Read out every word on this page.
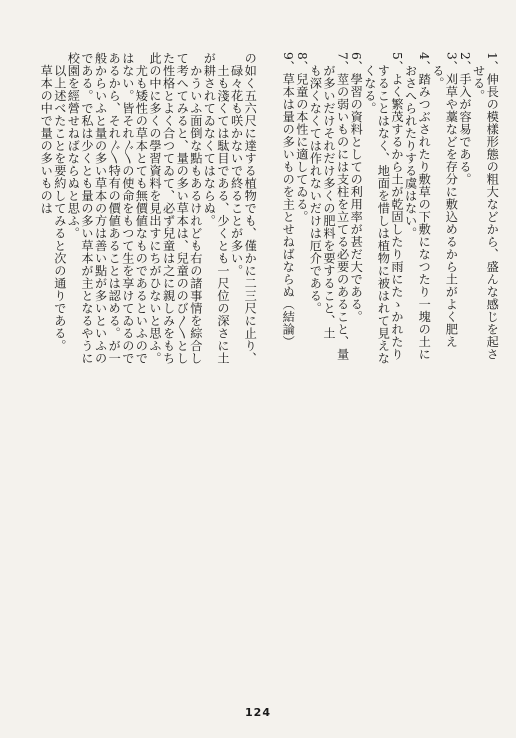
の如く五六尺に達する植物でも、僅かに二三尺に止り、
　碌々花も咲かないで終ることが多い。
　土も淺くては駄目である、少くとも一尺位の深さに土
が耕されてゐなくてはならぬ。
　かういふ面倒な點もあるけれども右の諸事情を綜合し
て考へてみると、量の多い草本は、兒童ののび〳〵とし
た性格とよく合つてゐて、必ず兒童は之に親しみをもち
此の中に多くの學習資料を見出すにちがひないと思ふ。
　尤も矮性の草本とても無價値なものであるといふので
はない。皆それ〴〵の使命をもつて生を享けてゐるので
あるから、それ〴〵特有の價値あることは認める。が一
般からいふと量の多い草本の方は善い點が多いといふの
である。で私は少くとも量の多い草本が主となるやうに
校園を經營せねばならぬと思ふ。
　以上述べたことを要約してみると次の通りである。
　草本の中で量の多いものは	1、伸長の模樣形態の粗大などから、盛んな感じを起さ
　せる。
2、手入が容易である。
3、刈草や藁などを存分に敷込めるから土がよく肥え
　る。
4、踏みつぶされたり敷草の下敷になつたり一塊の土に
　おさへられたりする虞はない。
5、よく繁茂するから土が乾固したり雨にたゝかれたり
　することはなく、地面を惜しは植物に被はれて見えな
　くなる。
6、學習の資料としての利用率が甚だ大である。
7、莖の弱いものには支柱を立てる必要のあること、量
　が多いだけそれだけ多くの肥料を要すること、土
　も深くなくては作れないだけは厄介である。
8、兒童の本性に適してゐる。
9、草本は量の多いものを主とせねばならぬ（結論）
124
